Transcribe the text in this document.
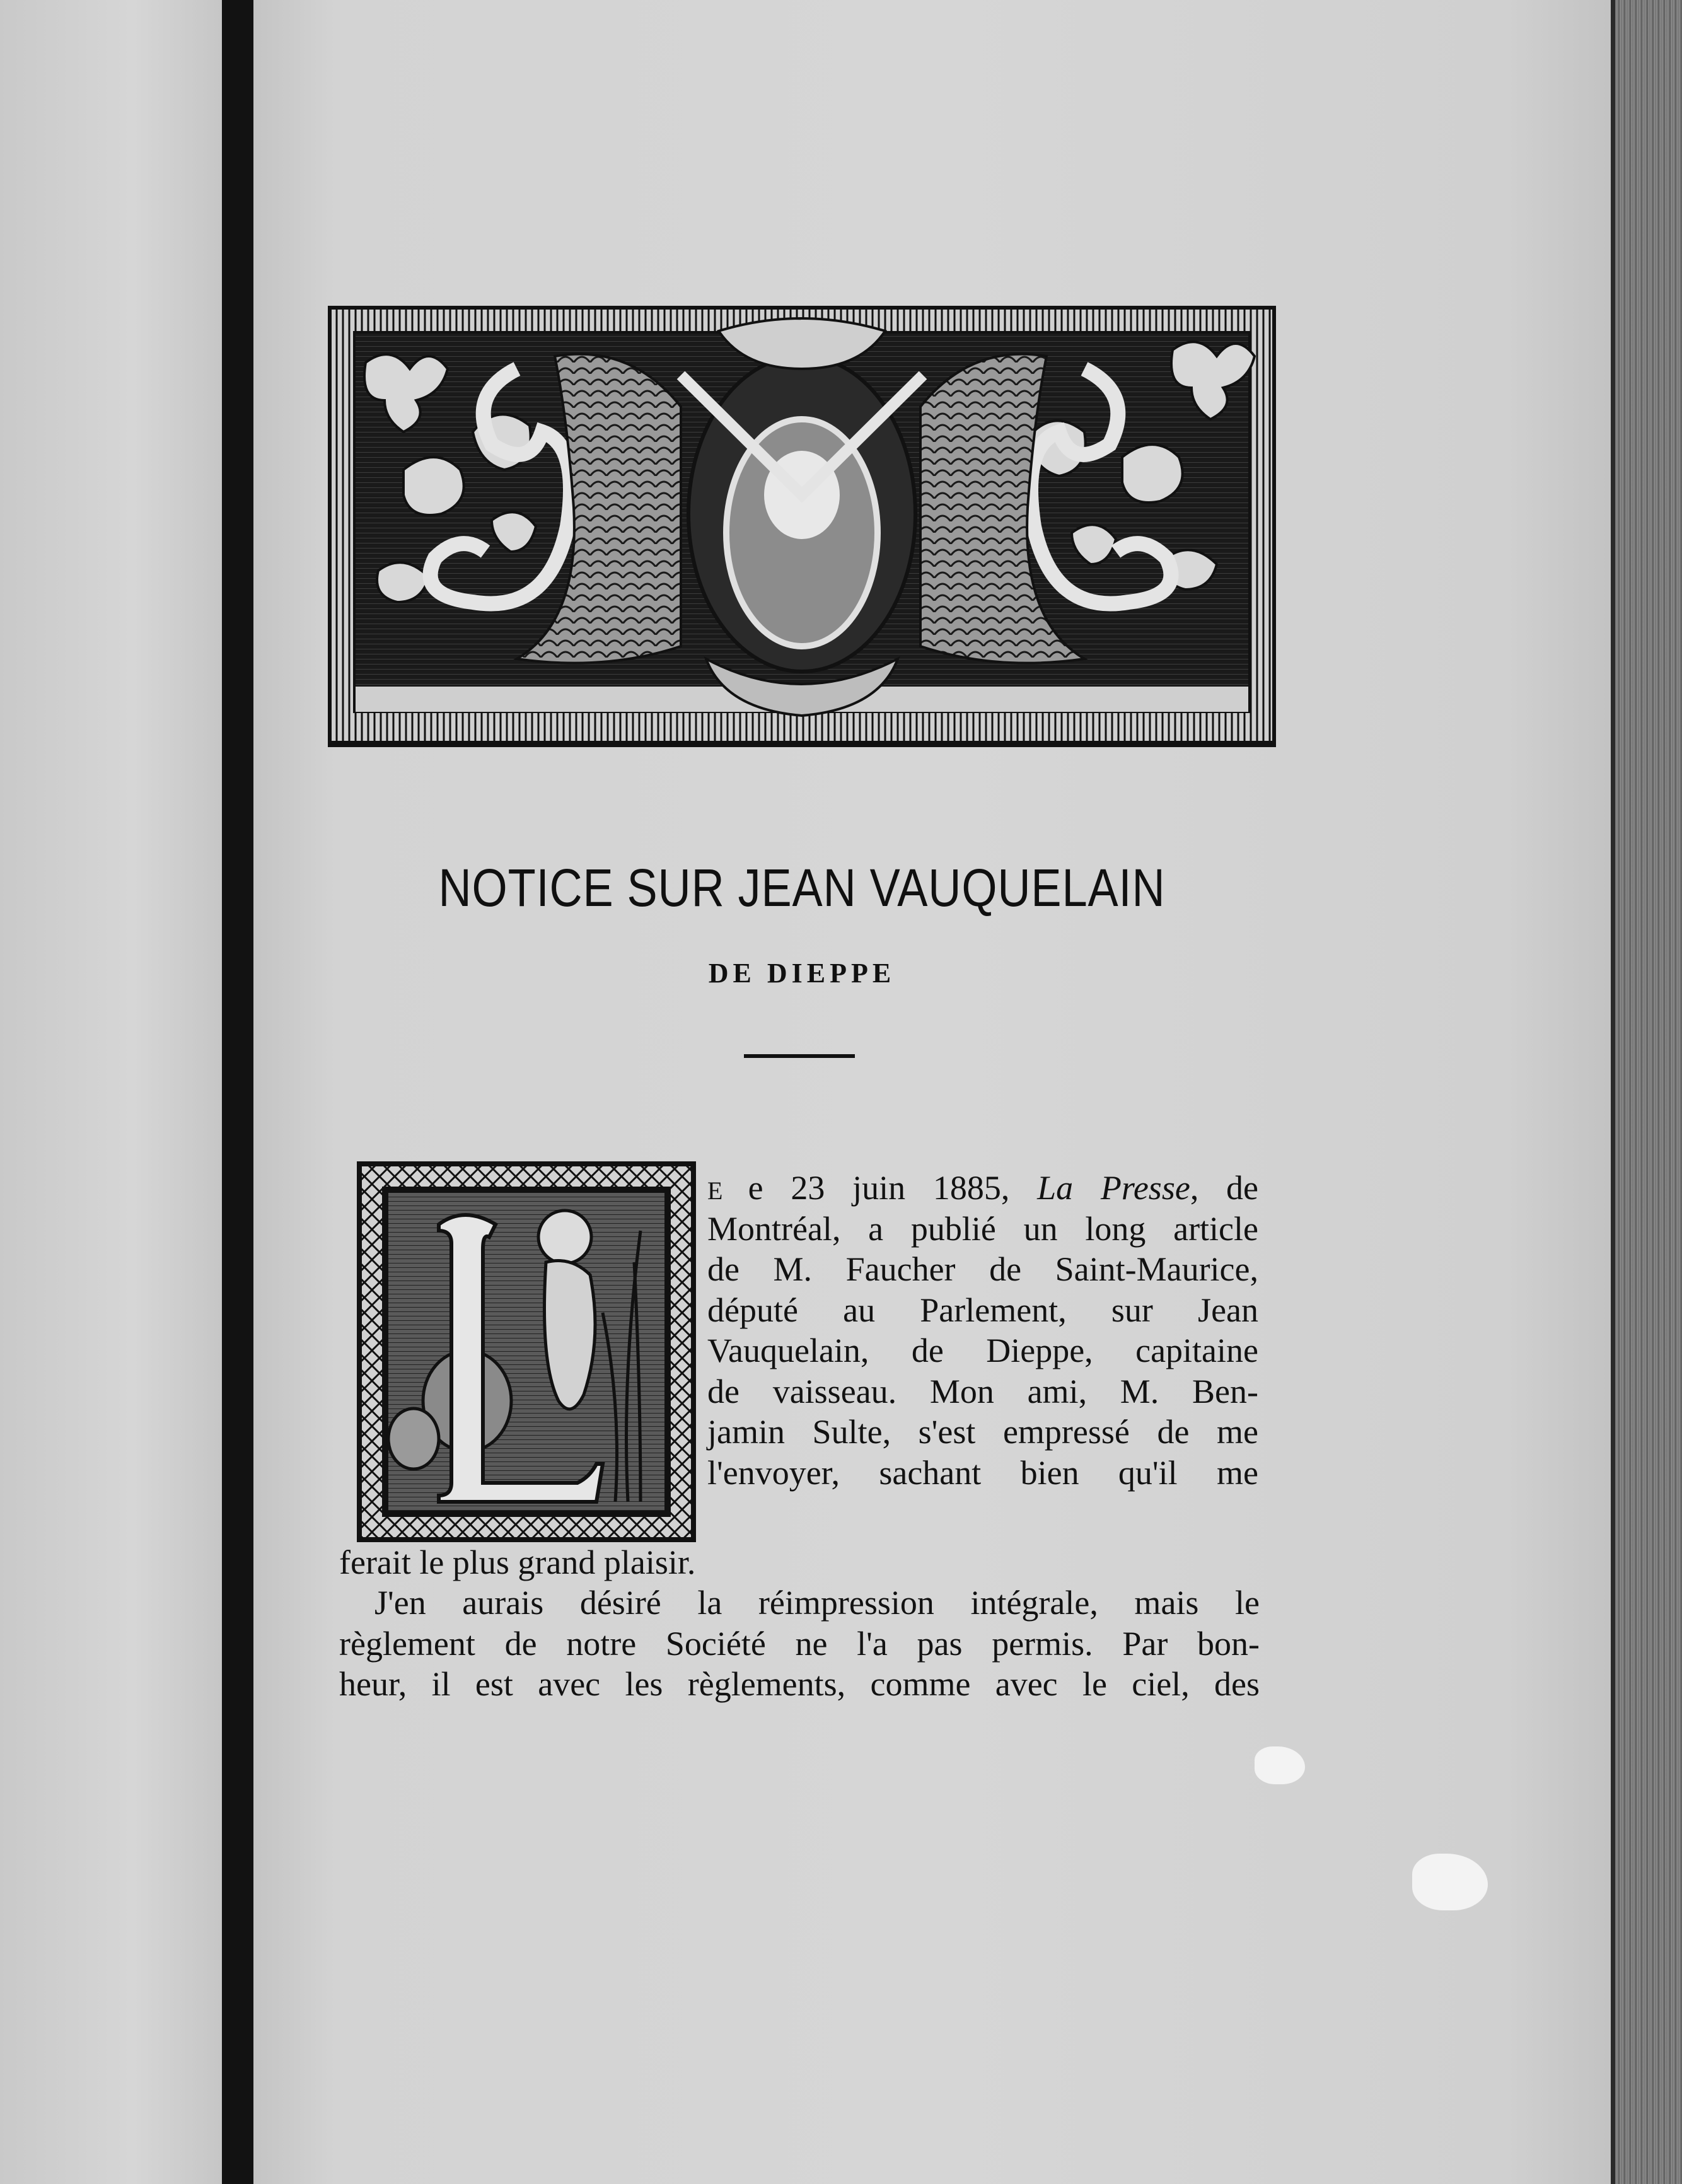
NOTICE SUR JEAN VAUQUELAIN
DE DIEPPE
E e 23 juin 1885, La Presse, de
Montréal, a publié un long article
de M. Faucher de Saint-Maurice,
député au Parlement, sur Jean
Vauquelain, de Dieppe, capitaine
de vaisseau. Mon ami, M. Ben-
jamin Sulte, s'est empressé de me
l'envoyer, sachant bien qu'il me

ferait le plus grand plaisir.

J'en aurais désiré la réimpression intégrale, mais le
règlement de notre Société ne l'a pas permis. Par bon-
heur, il est avec les règlements, comme avec le ciel, des
